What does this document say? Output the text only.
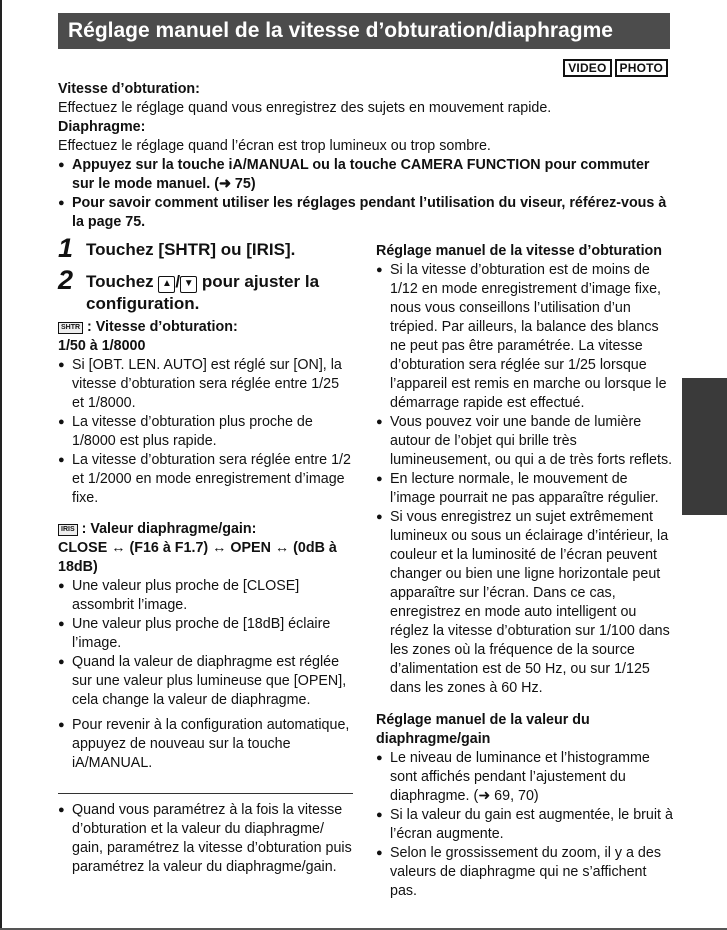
Réglage manuel de la vitesse d’obturation/diaphragme
VIDEO	PHOTO

Vitesse d’obturation:

Effectuez le réglage quand vous enregistrez des sujets en mouvement rapide.

Diaphragme:

Effectuez le réglage quand l’écran est trop lumineux ou trop sombre.

● Appuyez sur la touche iA/MANUAL ou la touche CAMERA FUNCTION pour commuter sur le mode manuel. (➜ 75)
● Pour savoir comment utiliser les réglages pendant l’utilisation du viseur, référez-vous à la page 75.
1 Touchez [SHTR] ou [IRIS].
2 Touchez ▲ / ▼ pour ajuster la configuration.

SHTR : Vitesse d’obturation:

1/50 à 1/8000

● Si [OBT. LEN. AUTO] est réglé sur [ON], la vitesse d’obturation sera réglée entre 1/25 et 1/8000.
● La vitesse d’obturation plus proche de 1/8000 est plus rapide.
● La vitesse d’obturation sera réglée entre 1/2 et 1/2000 en mode enregistrement d’image fixe.

IRIS : Valeur diaphragme/gain:

CLOSE ↔ (F16 à F1.7) ↔ OPEN ↔ (0dB à 18dB)

● Une valeur plus proche de [CLOSE] assombrit l’image.
● Une valeur plus proche de [18dB] éclaire l’image.
● Quand la valeur de diaphragme est réglée sur une valeur plus lumineuse que [OPEN], cela change la valeur de diaphragme.
● Pour revenir à la configuration automatique, appuyez de nouveau sur la touche iA/MANUAL.
● Quand vous paramétrez à la fois la vitesse d’obturation et la valeur du diaphragme/ gain, paramétrez la vitesse d’obturation puis paramétrez la valeur du diaphragme/gain.

Réglage manuel de la vitesse d’obturation

● Si la vitesse d’obturation est de moins de 1/12 en mode enregistrement d’image fixe, nous vous conseillons l’utilisation d’un trépied. Par ailleurs, la balance des blancs ne peut pas être paramétrée. La vitesse d’obturation sera réglée sur 1/25 lorsque l’appareil est remis en marche ou lorsque le démarrage rapide est effectué.
● Vous pouvez voir une bande de lumière autour de l’objet qui brille très lumineusement, ou qui a de très forts reflets.
● En lecture normale, le mouvement de l’image pourrait ne pas apparaître régulier.
● Si vous enregistrez un sujet extrêmement lumineux ou sous un éclairage d’intérieur, la couleur et la luminosité de l’écran peuvent changer ou bien une ligne horizontale peut apparaître sur l’écran. Dans ce cas, enregistrez en mode auto intelligent ou réglez la vitesse d’obturation sur 1/100 dans les zones où la fréquence de la source d’alimentation est de 50 Hz, ou sur 1/125 dans les zones à 60 Hz.

Réglage manuel de la valeur du diaphragme/gain

● Le niveau de luminance et l’histogramme sont affichés pendant l’ajustement du diaphragme. (➜ 69, 70)
● Si la valeur du gain est augmentée, le bruit à l’écran augmente.
● Selon le grossissement du zoom, il y a des valeurs de diaphragme qui ne s’affichent pas.
